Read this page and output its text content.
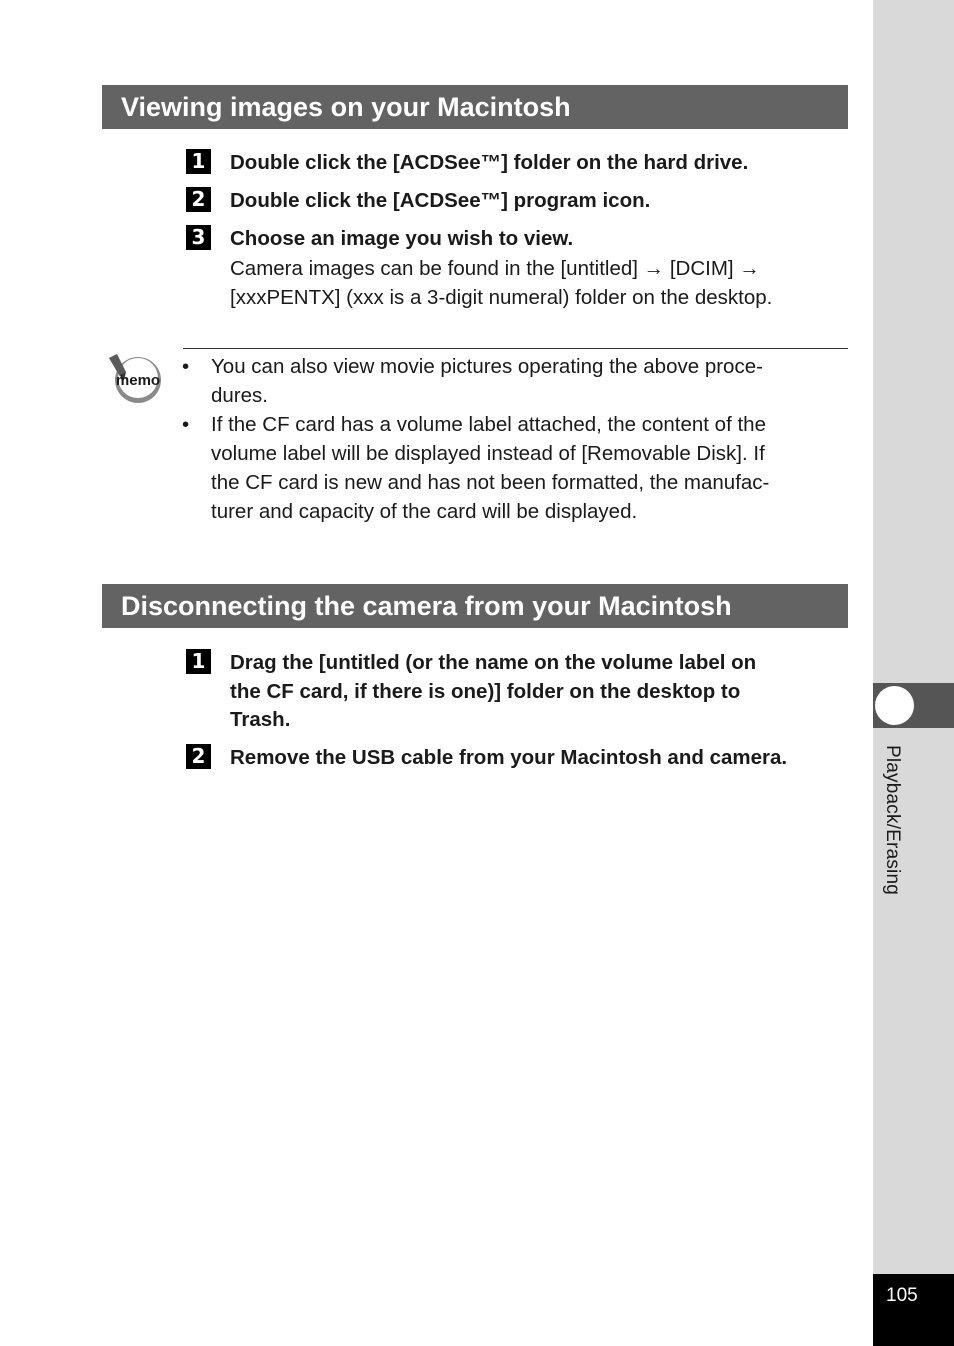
Playback/Erasing
105
Viewing images on your Macintosh
1 Double click the [ACDSee™] folder on the hard drive.
2 Double click the [ACDSee™] program icon.
3 Choose an image you wish to view.
Camera images can be found in the [untitled] → [DCIM] →
[xxxPENTX] (xxx is a 3-digit numeral) folder on the desktop.
memo
• You can also view movie pictures operating the above proce-
dures.
• If the CF card has a volume label attached, the content of the
volume label will be displayed instead of [Removable Disk]. If
the CF card is new and has not been formatted, the manufac-
turer and capacity of the card will be displayed.
Disconnecting the camera from your Macintosh
1 Drag the [untitled (or the name on the volume label on
the CF card, if there is one)] folder on the desktop to
Trash.
2 Remove the USB cable from your Macintosh and camera.
